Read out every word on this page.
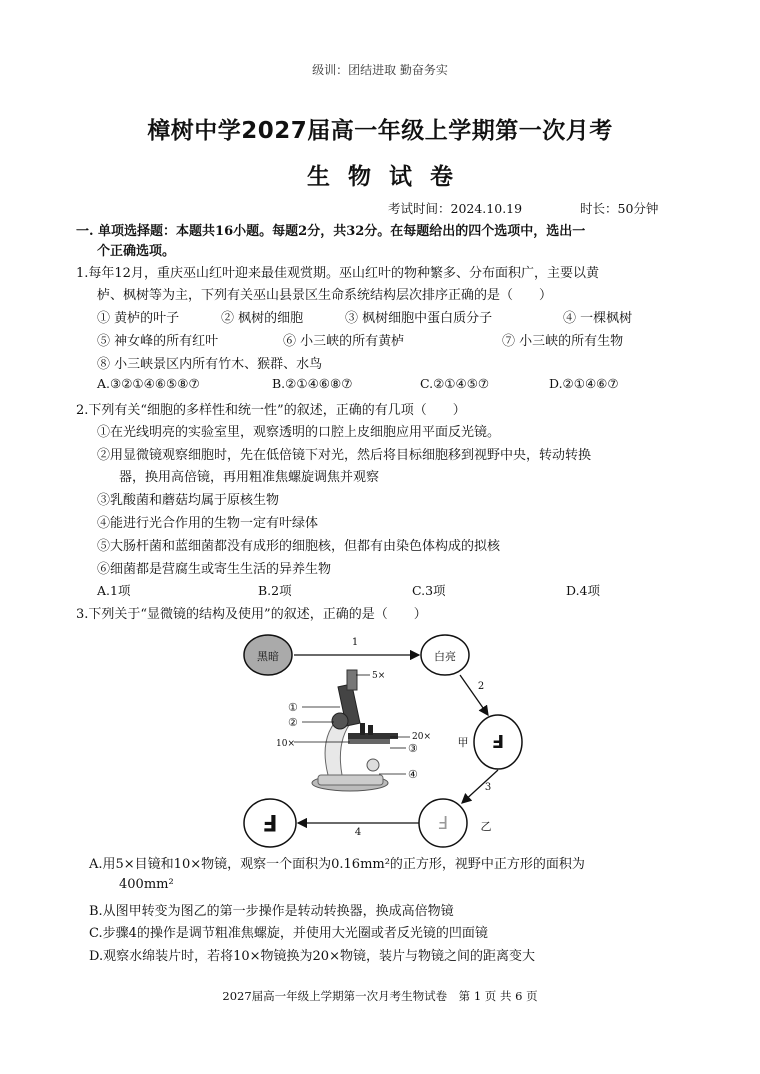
级训：团结进取 勤奋务实
樟树中学2027届高一年级上学期第一次月考
生 物 试 卷
考试时间：2024.10.19	时长：50分钟
一. 单项选择题：本题共16小题。每题2分，共32分。在每题给出的四个选项中，选出一
个正确选项。
1.每年12月，重庆巫山红叶迎来最佳观赏期。巫山红叶的物种繁多、分布面积广，主要以黄
栌、枫树等为主，下列有关巫山县景区生命系统结构层次排序正确的是（　　）
① 黄栌的叶子	② 枫树的细胞	③ 枫树细胞中蛋白质分子	④ 一棵枫树
⑤ 神女峰的所有红叶	⑥ 小三峡的所有黄栌	⑦ 小三峡的所有生物
⑧ 小三峡景区内所有竹木、猴群、水鸟
A.③②①④⑥⑤⑧⑦	B.②①④⑥⑧⑦	C.②①④⑤⑦	D.②①④⑥⑦
2.下列有关“细胞的多样性和统一性”的叙述，正确的有几项（　　）
①在光线明亮的实验室里，观察透明的口腔上皮细胞应用平面反光镜。
②用显微镜观察细胞时，先在低倍镜下对光，然后将目标细胞移到视野中央，转动转换
器，换用高倍镜，再用粗准焦螺旋调焦并观察
③乳酸菌和蘑菇均属于原核生物
④能进行光合作用的生物一定有叶绿体
⑤大肠杆菌和蓝细菌都没有成形的细胞核，但都有由染色体构成的拟核
⑥细菌都是营腐生或寄生生活的异养生物
A.1项	B.2项	C.3项	D.4项
3.下列关于“显微镜的结构及使用”的叙述，正确的是（　　）
黑暗	白亮
1
F
甲
2
F	乙
3
F	4
5×
20×
10×
①
②
③
④
A.用5×目镜和10×物镜，观察一个面积为0.16mm²的正方形，视野中正方形的面积为
400mm²
B.从图甲转变为图乙的第一步操作是转动转换器，换成高倍物镜
C.步骤4的操作是调节粗准焦螺旋，并使用大光圈或者反光镜的凹面镜
D.观察水绵装片时，若将10×物镜换为20×物镜，装片与物镜之间的距离变大
2027届高一年级上学期第一次月考生物试卷　第 1 页 共 6 页
